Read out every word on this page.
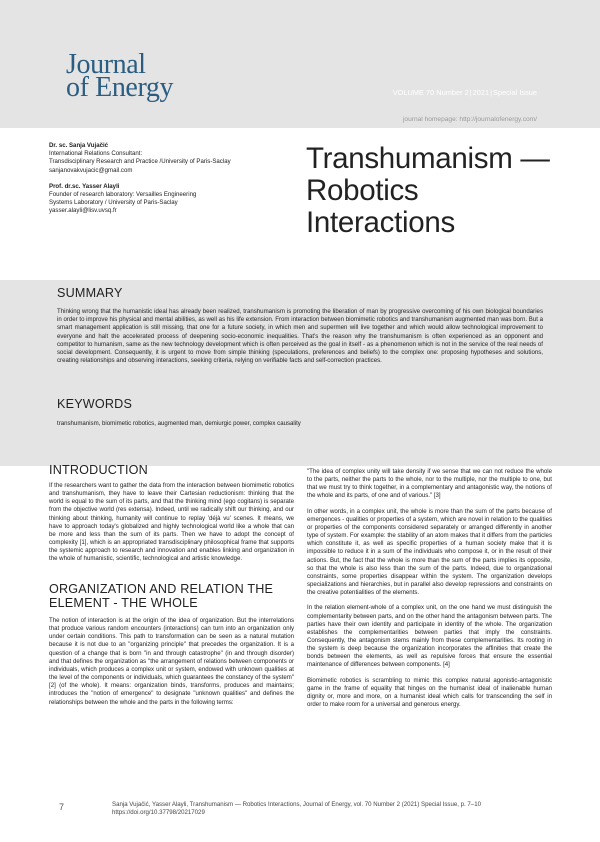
Journal
of Energy	VOLUME 70 Number 2|2021|Special Issue
journal homepage: http://journalofenergy.com/
Dr. sc. Sanja Vujačić
International Relations Consultant:
Transdisciplinary Research and Practice /University of Paris-Saclay
sanjanovakvujacic@gmail.com
Prof. dr.sc. Yasser Alayli
Founder of research laboratory: Versailles Engineering
Systems Laboratory / University of Paris-Saclay
yasser.alayli@lisv.uvsq.fr
Transhumanism — Robotics Interactions
SUMMARY

Thinking wrong that the humanistic ideal has already been realized, transhumanism is promoting the liberation of man by progressive overcoming of his own biological boundaries in order to improve his physical and mental abilities, as well as his life extension. From interaction between biomimetic robotics and transhumanism augmented man was born. But a smart management application is still missing, that one for a future society, in which men and supermen will live together and which would allow technological improvement to everyone and halt the accelerated process of deepening socio-economic inequalities. That's the reason why the transhumanism is often experienced as an opponent and competitor to humanism, same as the new technology development which is often perceived as the goal in itself - as a phenomenon which is not in the service of the real needs of social development. Consequently, it is urgent to move from simple thinking (speculations, preferences and beliefs) to the complex one: proposing hypotheses and solutions, creating relationships and observing interactions, seeking criteria, relying on verifiable facts and self-correction practices.

KEYWORDS

transhumanism, biomimetic robotics, augmented man, demiurgic power, complex causality

INTRODUCTION

If the researchers want to gather the data from the interaction between biomimetic robotics and transhumanism, they have to leave their Cartesian reductionism: thinking that the world is equal to the sum of its parts, and that the thinking mind (ego cogitans) is separate from the objective world (res extensa). Indeed, until we radically shift our thinking, and our thinking about thinking, humanity will continue to replay 'déjà vu' scenes. It means, we have to approach today's globalized and highly technological world like a whole that can be more and less than the sum of its parts. Then we have to adopt the concept of complexity [1], which is an appropriated transdisciplinary philosophical frame that supports the systemic approach to research and innovation and enables linking and organization in the whole of humanistic, scientific, technological and artistic knowledge.

ORGANIZATION AND RELATION THE ELEMENT - THE WHOLE

The notion of interaction is at the origin of the idea of organization. But the interrelations that produce various random encounters (interactions) can turn into an organization only under certain conditions. This path to transformation can be seen as a natural mutation because it is not due to an "organizing principle" that precedes the organization. It is a question of a change that is born "in and through catastrophe" (in and through disorder) and that defines the organization as "the arrangement of relations between components or individuals, which produces a complex unit or system, endowed with unknown qualities at the level of the components or individuals, which guarantees the constancy of the system" [2] (of the whole). It means: organization binds, transforms, produces and maintains; introduces the "notion of emergence" to designate "unknown qualities" and defines the relationships between the whole and the parts in the following terms:

"The idea of complex unity will take density if we sense that we can not reduce the whole to the parts, neither the parts to the whole, nor to the multiple, nor the multiple to one, but that we must try to think together, in a complementary and antagonistic way, the notions of the whole and its parts, of one and of various." [3]

In other words, in a complex unit, the whole is more than the sum of the parts because of emergences - qualities or properties of a system, which are novel in relation to the qualities or properties of the components considered separately or arranged differently in another type of system. For example: the stability of an atom makes that it differs from the particles which constitute it, as well as specific properties of a human society make that it is impossible to reduce it in a sum of the individuals who compose it, or in the result of their actions. But, the fact that the whole is more than the sum of the parts implies its opposite, so that the whole is also less than the sum of the parts. Indeed, due to organizational constraints, some properties disappear within the system. The organization develops specializations and hierarchies, but in parallel also develop repressions and constraints on the creative potentialities of the elements.

In the relation element-whole of a complex unit, on the one hand we must distinguish the complementarity between parts, and on the other hand the antagonism between parts. The parties have their own identity and participate in identity of the whole. The organization establishes the complementarities between parties that imply the constraints. Consequently, the antagonism stems mainly from these complementarities. Its rooting in the system is deep because the organization incorporates the affinities that create the bonds between the elements, as well as repulsive forces that ensure the essential maintenance of differences between components. [4]

Biomimetic robotics is scrambling to mimic this complex natural agonistic-antagonistic game in the frame of equality that hinges on the humanist ideal of inalienable human dignity or, more and more, on a humanist ideal which calls for transcending the self in order to make room for a universal and generous energy.

7	Sanja Vujačić, Yasser Alayli, Transhumanism — Robotics Interactions, Journal of Energy, vol. 70 Number 2 (2021) Special Issue, p. 7–10
https://doi.org/10.37798/20217029
